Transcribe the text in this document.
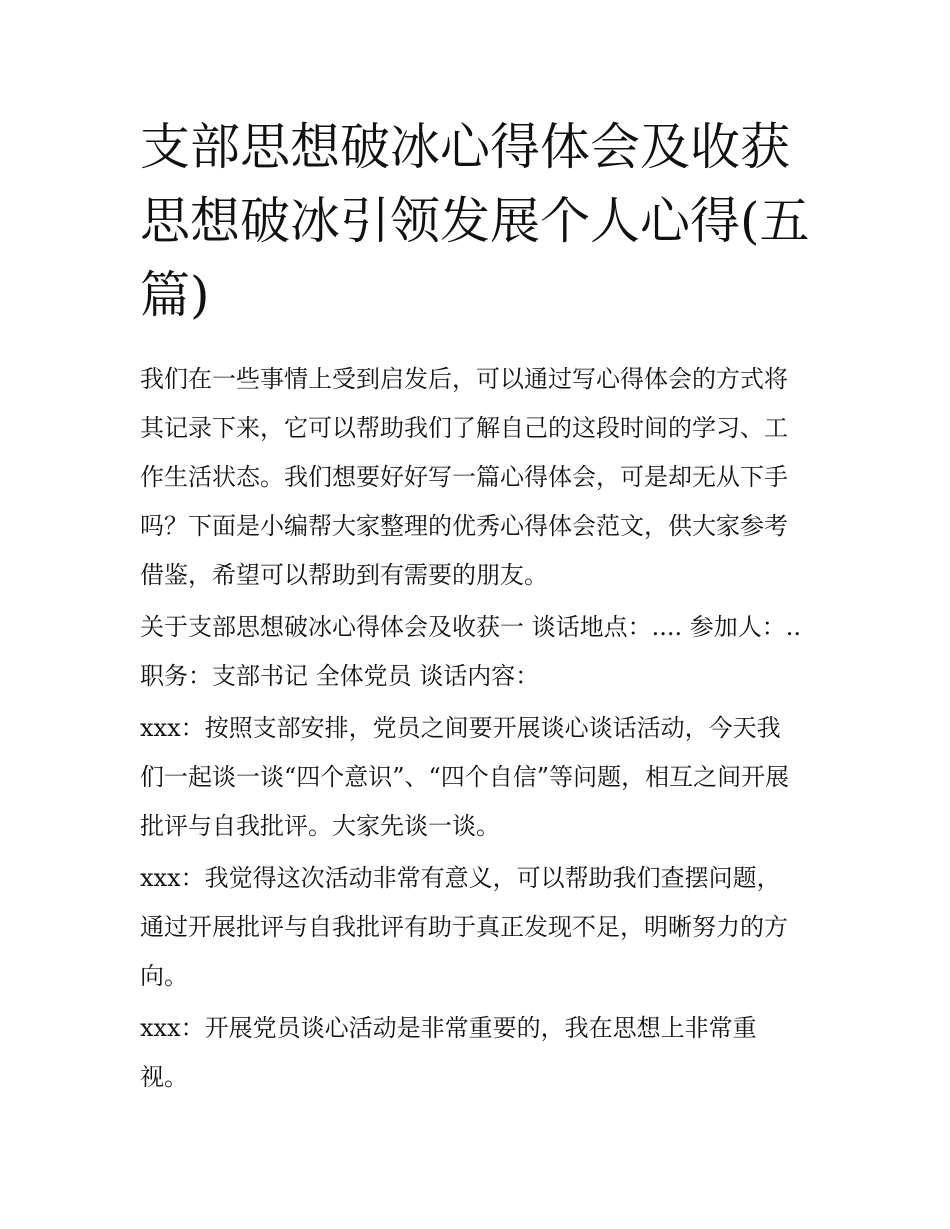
支部思想破冰心得体会及收获
思想破冰引领发展个人心得(五
篇)
我们在一些事情上受到启发后，可以通过写心得体会的方式将
其记录下来，它可以帮助我们了解自己的这段时间的学习、工
作生活状态。我们想要好好写一篇心得体会，可是却无从下手
吗？下面是小编帮大家整理的优秀心得体会范文，供大家参考
借鉴，希望可以帮助到有需要的朋友。
关于支部思想破冰心得体会及收获一 谈话地点：.... 参加人：..
职务：支部书记 全体党员 谈话内容：
xxx：按照支部安排，党员之间要开展谈心谈话活动，今天我
们一起谈一谈“四个意识”、“四个自信”等问题，相互之间开展
批评与自我批评。大家先谈一谈。
xxx：我觉得这次活动非常有意义，可以帮助我们查摆问题，
通过开展批评与自我批评有助于真正发现不足，明晰努力的方
向。
xxx：开展党员谈心活动是非常重要的，我在思想上非常重
视。
